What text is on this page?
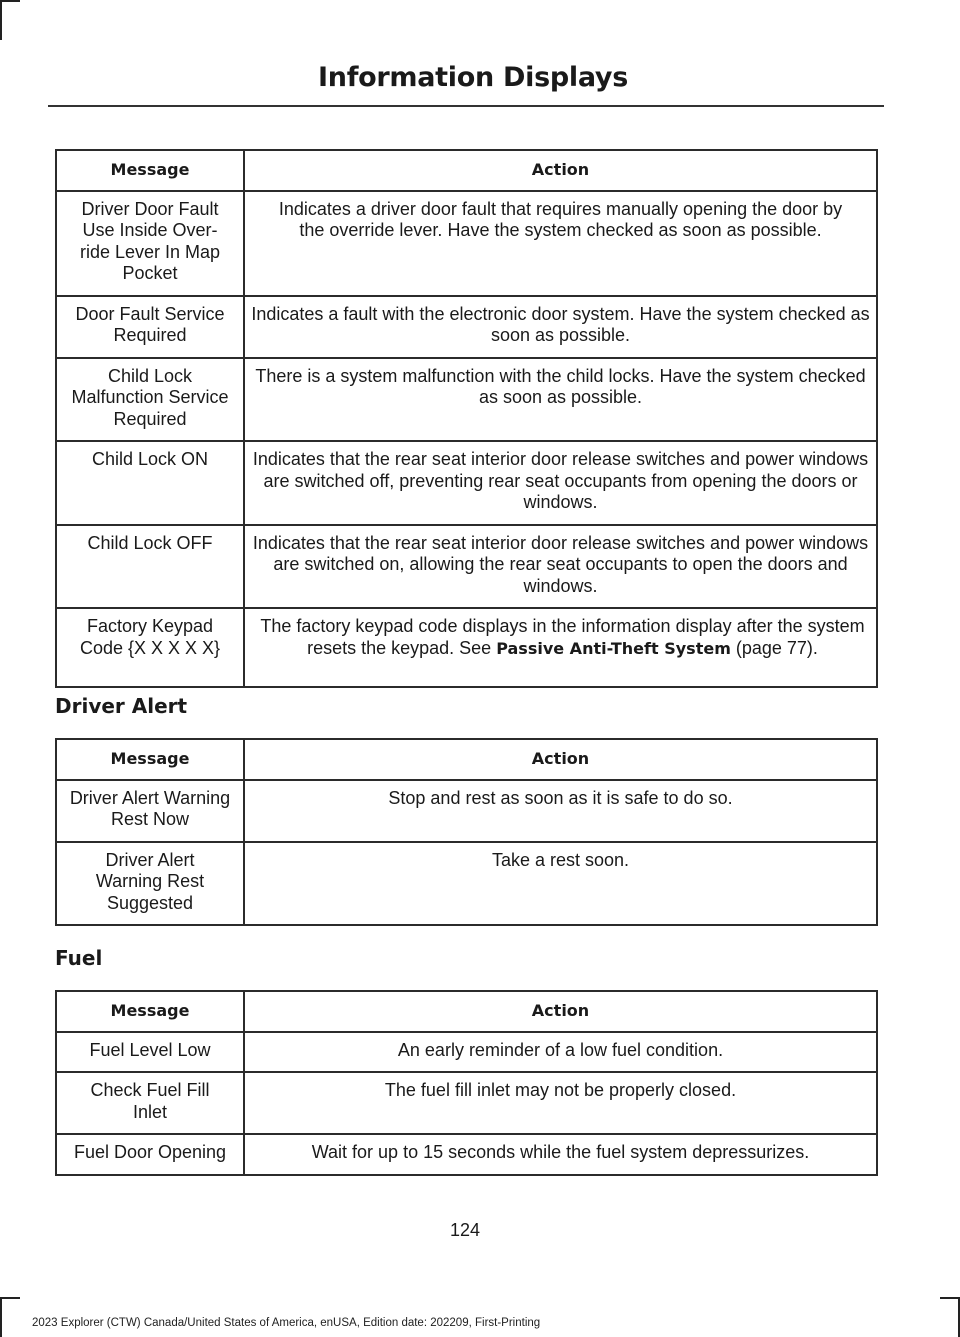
Information Displays
Message	Action
Driver Door Fault Use Inside Over-ride Lever In Map Pocket	Indicates a driver door fault that requires manually opening the door by the override lever. Have the system checked as soon as possible.
Door Fault Service Required	Indicates a fault with the electronic door system. Have the system checked as soon as possible.
Child Lock Malfunction Service Required	There is a system malfunction with the child locks. Have the system checked as soon as possible.
Child Lock ON	Indicates that the rear seat interior door release switches and power windows are switched off, preventing rear seat occupants from opening the doors or windows.
Child Lock OFF	Indicates that the rear seat interior door release switches and power windows are switched on, allowing the rear seat occupants to open the doors and windows.
Factory Keypad Code {X X X X X}	The factory keypad code displays in the information display after the system resets the keypad. See Passive Anti-Theft System (page 77).
Driver Alert
Message	Action
Driver Alert Warning Rest Now	Stop and rest as soon as it is safe to do so.
Driver Alert Warning Rest Suggested	Take a rest soon.
Fuel
Message	Action
Fuel Level Low	An early reminder of a low fuel condition.
Check Fuel Fill Inlet	The fuel fill inlet may not be properly closed.
Fuel Door Opening	Wait for up to 15 seconds while the fuel system depressurizes.
124
2023 Explorer (CTW) Canada/United States of America, enUSA, Edition date: 202209, First-Printing
